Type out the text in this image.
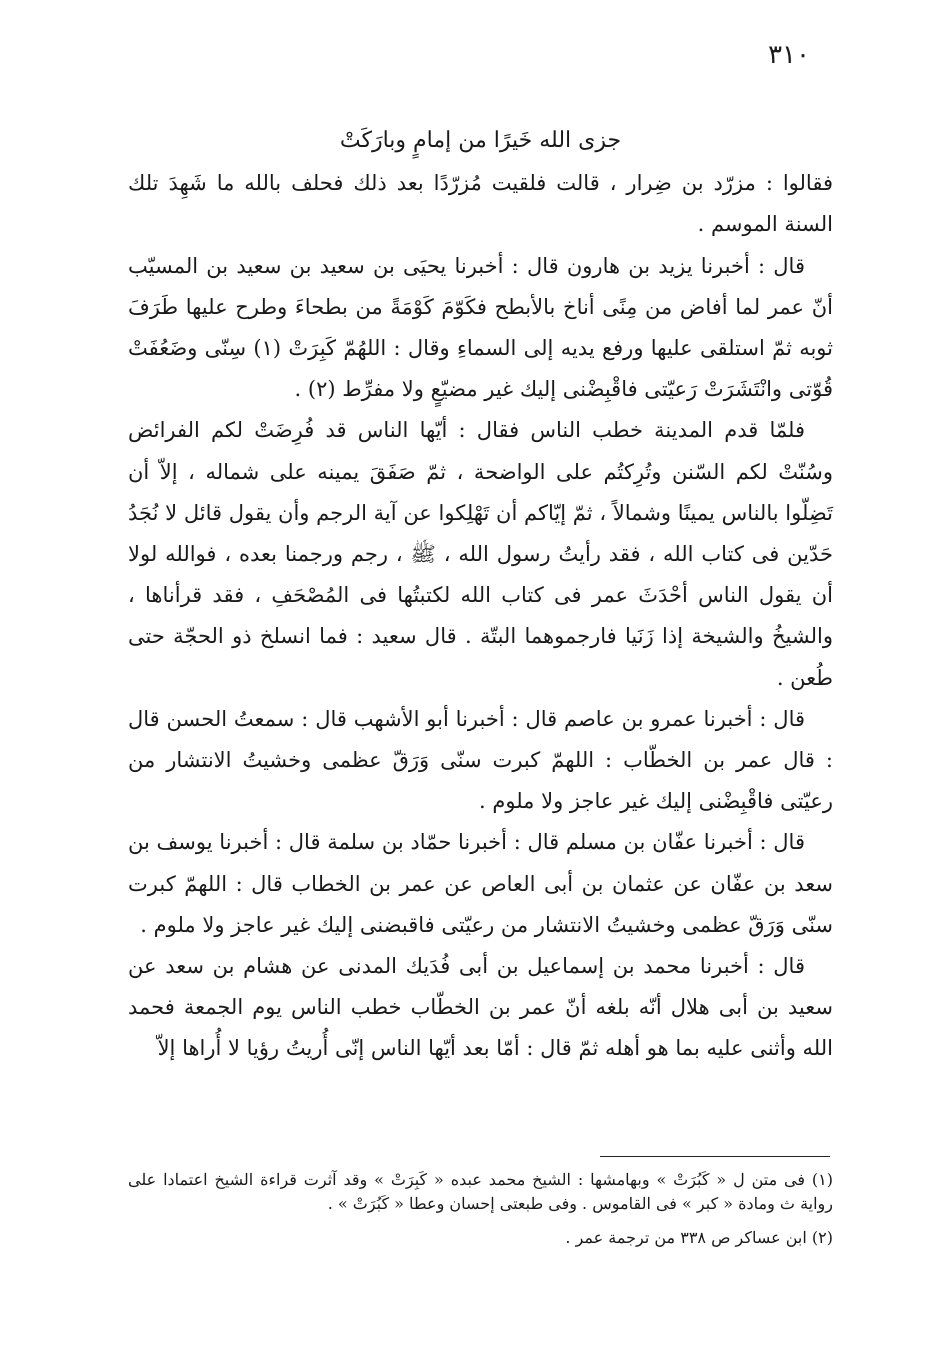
٣١٠

جزى الله خَيرًا من إمامٍ وبارَكَتْ

فقالوا : مزرّد بن ضِرار ، قالت فلقيت مُزرّدًا بعد ذلك فحلف بالله ما شَهِدَ تلك السنة الموسم .

قال : أخبرنا يزيد بن هارون قال : أخبرنا يحيَى بن سعيد بن سعيد بن المسيّب أنّ عمر لما أفاض من مِنًى أناخ بالأبطح فكَوّمَ كَوْمَةً من بطحاءَ وطرح عليها طَرَفَ ثوبه ثمّ استلقى عليها ورفع يديه إلى السماءِ وقال : اللهُمّ كَبِرَتْ (١) سِنّى وضَعُفَتْ قُوّتى وانْتَشَرَتْ رَعيّتى فاقْبِضْنى إليك غير مضيّعٍ ولا مفرِّط (٢) .

فلمّا قدم المدينة خطب الناس فقال : أيّها الناس قد فُرِضَتْ لكم الفرائض وسُنّتْ لكم السّنن وتُرِكتُم على الواضحة ، ثمّ صَفَقَ يمينه على شماله ، إلاّ أن تَضِلّوا بالناس يمينًا وشمالاً ، ثمّ إيّاكم أن تَهْلِكوا عن آية الرجم وأن يقول قائل لا نُجَدُ حَدّين فى كتاب الله ، فقد رأيتُ رسول الله ، ﷺ ، رجم ورجمنا بعده ، فوالله لولا أن يقول الناس أحْدَثَ عمر فى كتاب الله لكتبتُها فى المُصْحَفِ ، فقد قرأناها ، والشيخُ والشيخة إذا زَنَيا فارجموهما البتّة . قال سعيد : فما انسلخ ذو الحجّة حتى طُعن .

قال : أخبرنا عمرو بن عاصم قال : أخبرنا أبو الأشهب قال : سمعتُ الحسن قال : قال عمر بن الخطّاب : اللهمّ كبرت سنّى وَرَقّ عظمى وخشيتُ الانتشار من رعيّتى فاقْبِضْنى إليك غير عاجز ولا ملوم .

قال : أخبرنا عفّان بن مسلم قال : أخبرنا حمّاد بن سلمة قال : أخبرنا يوسف بن سعد بن عفّان عن عثمان بن أبى العاص عن عمر بن الخطاب قال : اللهمّ كبرت سنّى وَرَقّ عظمى وخشيتُ الانتشار من رعيّتى فاقبضنى إليك غير عاجز ولا ملوم .

قال : أخبرنا محمد بن إسماعيل بن أبى فُدَيك المدنى عن هشام بن سعد عن سعيد بن أبى هلال أنّه بلغه أنّ عمر بن الخطّاب خطب الناس يوم الجمعة فحمد الله وأثنى عليه بما هو أهله ثمّ قال : أمّا بعد أيّها الناس إنّى أُريتُ رؤيا لا أُراها إلاّ

(١) فى متن ل « كَبُرَتْ » وبهامشها : الشيخ محمد عبده « كَبِرَتْ » وقد آثرت قراءة الشيخ اعتمادا على رواية ث ومادة « كبر » فى القاموس . وفى طبعتى إحسان وعطا « كَبُرَتْ » .

(٢) ابن عساكر ص ٣٣٨ من ترجمة عمر .
